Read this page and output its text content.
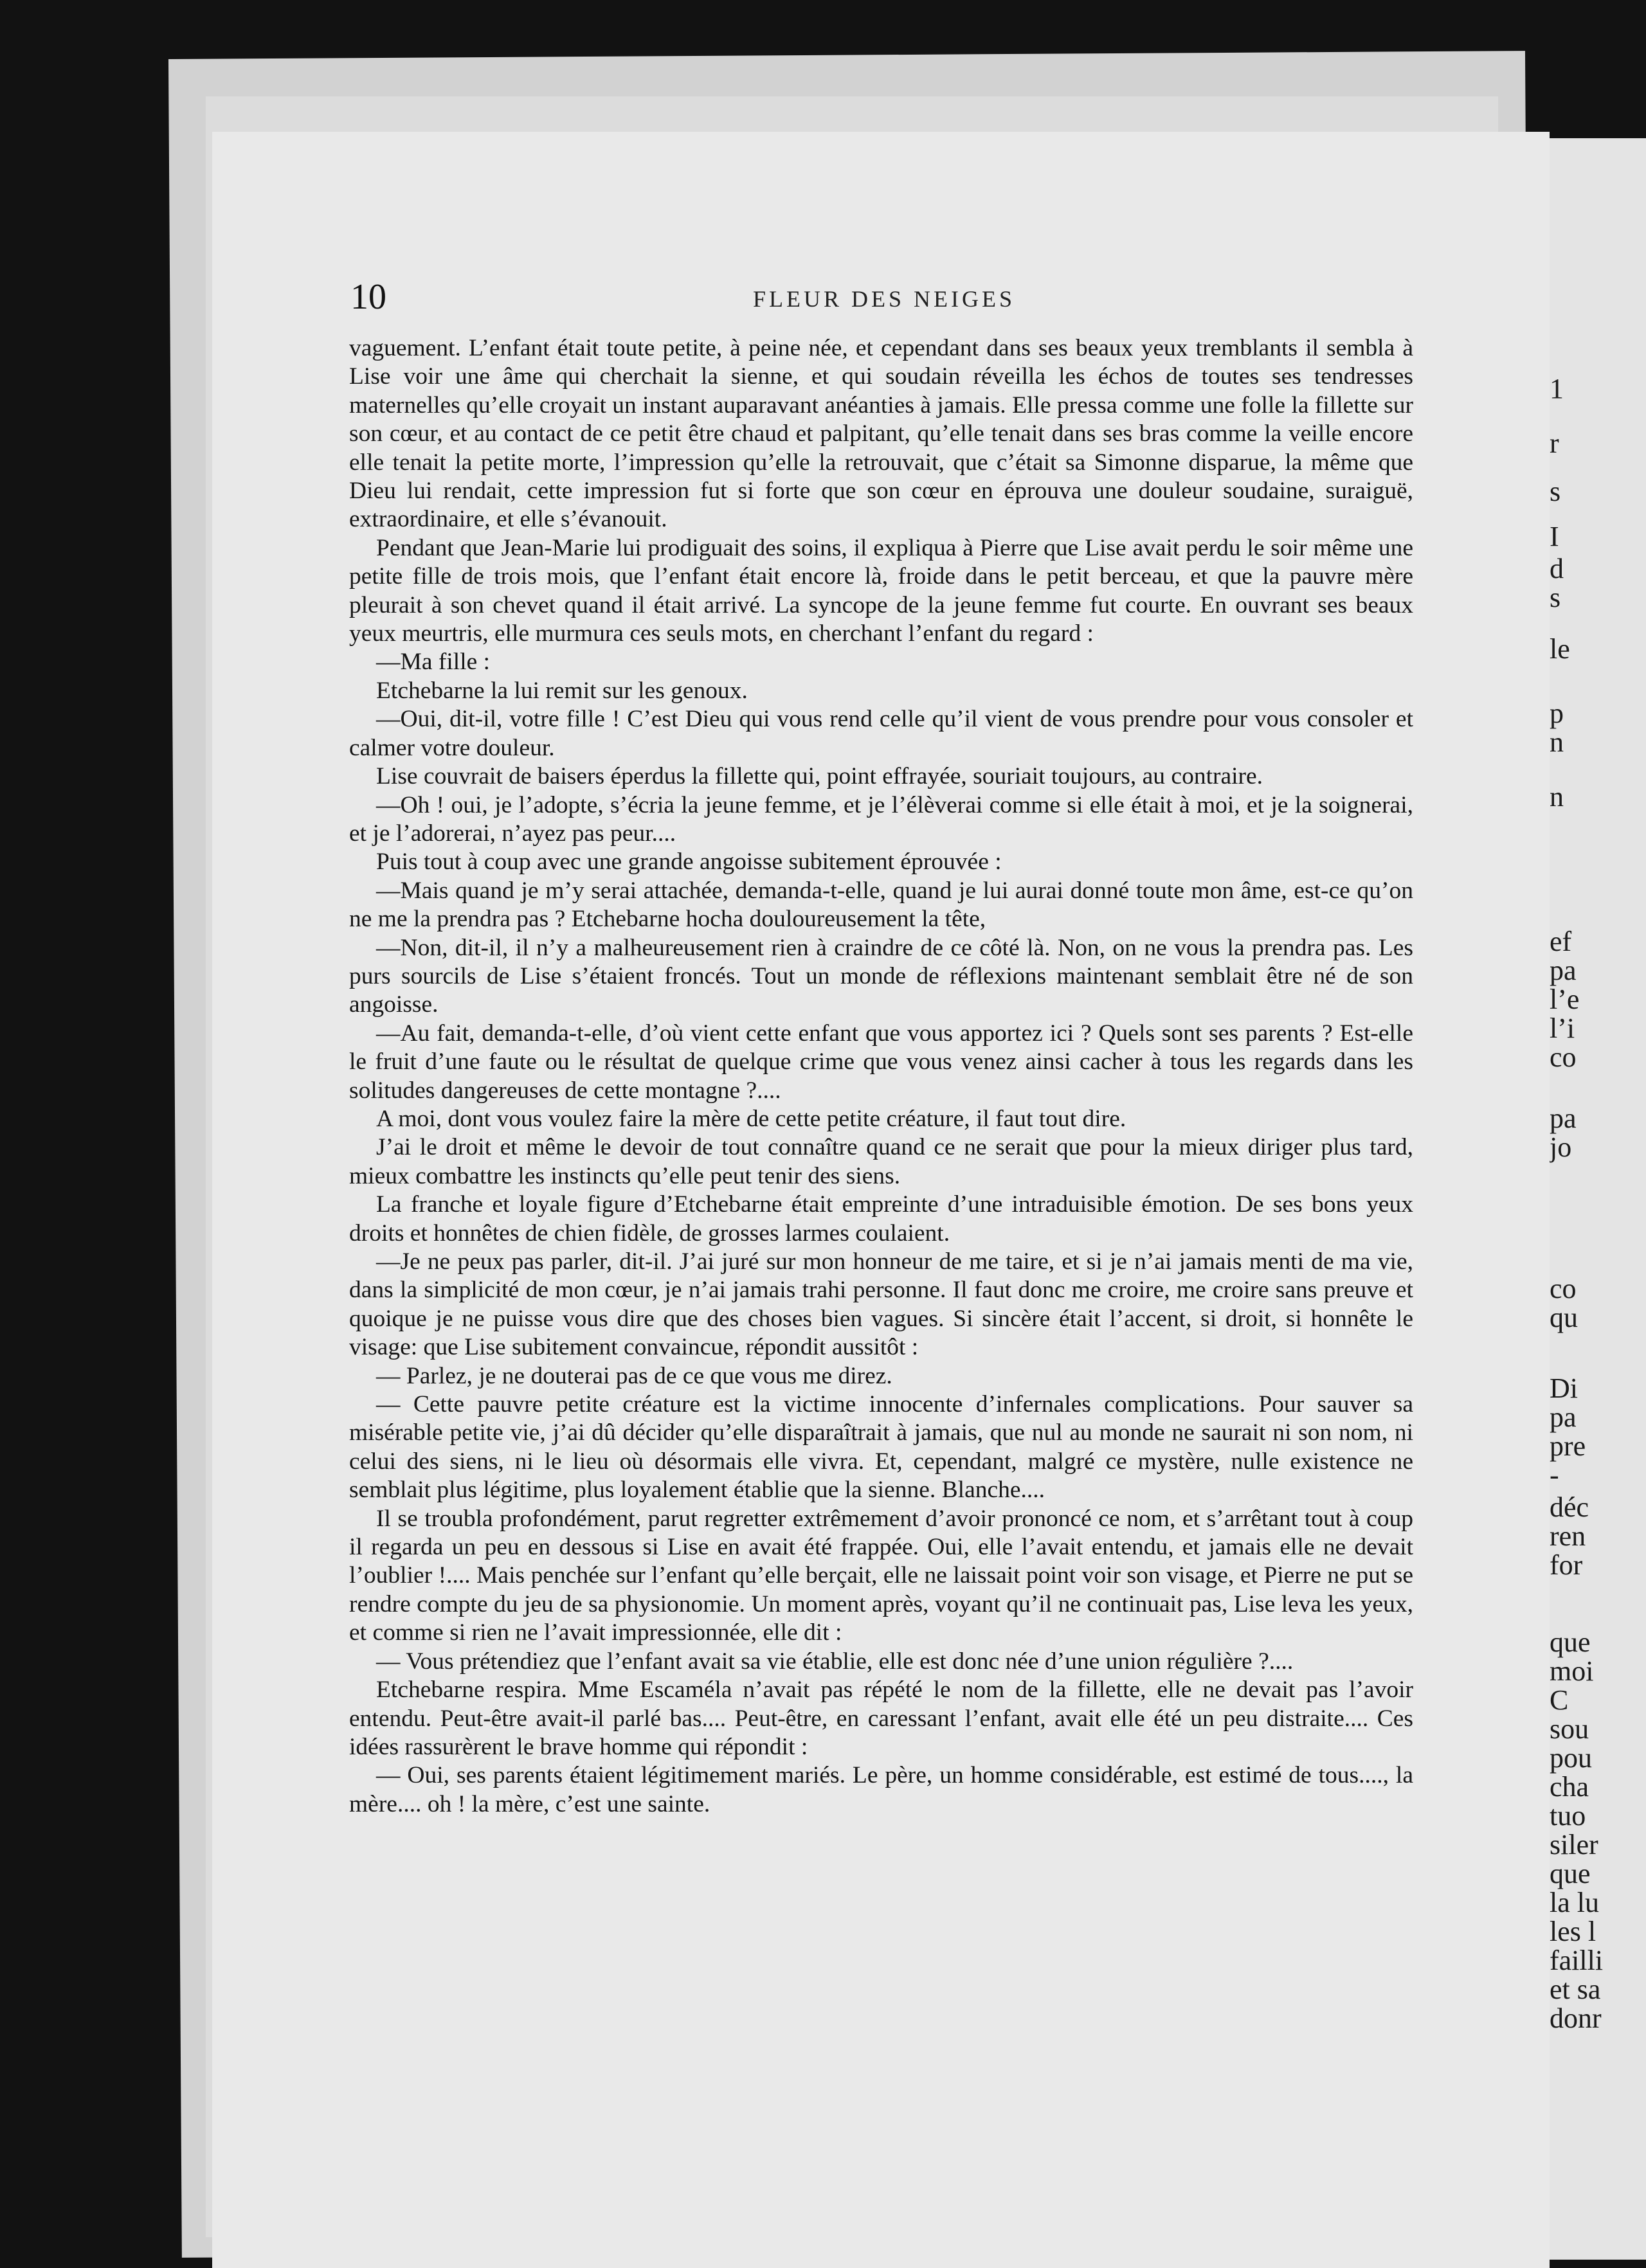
1
r
s
I
d
s
le
p
n
n
ef
pa
l’e
l’i
co
pa
jo
co
qu
Di
pa
pre
-
déc
ren
for
que
moi
C
sou
pou
cha
tuo
siler
que
la lu
les l
failli
et sa
donr
10	FLEUR DES NEIGES

vaguement. L’enfant était toute petite, à peine née, et cependant dans ses beaux yeux tremblants il sembla à Lise voir une âme qui cherchait la sienne, et qui soudain réveilla les échos de toutes ses tendresses maternelles qu’elle croyait un instant auparavant anéanties à jamais. Elle pressa comme une folle la fillette sur son cœur, et au contact de ce petit être chaud et palpitant, qu’elle tenait dans ses bras comme la veille encore elle tenait la petite morte, l’impression qu’elle la retrouvait, que c’était sa Simonne disparue, la même que Dieu lui rendait, cette impression fut si forte que son cœur en éprouva une douleur soudaine, suraiguë, extraordinaire, et elle s’évanouit.

Pendant que Jean-Marie lui prodiguait des soins, il expliqua à Pierre que Lise avait perdu le soir même une petite fille de trois mois, que l’enfant était encore là, froide dans le petit berceau, et que la pauvre mère pleurait à son chevet quand il était arrivé. La syncope de la jeune femme fut courte. En ouvrant ses beaux yeux meurtris, elle murmura ces seuls mots, en cherchant l’enfant du regard :

—Ma fille :

Etchebarne la lui remit sur les genoux.

—Oui, dit-il, votre fille ! C’est Dieu qui vous rend celle qu’il vient de vous prendre pour vous consoler et calmer votre douleur.

Lise couvrait de baisers éperdus la fillette qui, point effrayée, souriait toujours, au contraire.

—Oh ! oui, je l’adopte, s’écria la jeune femme, et je l’élèverai comme si elle était à moi, et je la soignerai, et je l’adorerai, n’ayez pas peur....

Puis tout à coup avec une grande angoisse subitement éprouvée :

—Mais quand je m’y serai attachée, demanda-t-elle, quand je lui aurai donné toute mon âme, est-ce qu’on ne me la prendra pas ? Etchebarne hocha douloureusement la tête,

—Non, dit-il, il n’y a malheureusement rien à craindre de ce côté là. Non, on ne vous la prendra pas. Les purs sourcils de Lise s’étaient froncés. Tout un monde de réflexions maintenant semblait être né de son angoisse.

—Au fait, demanda-t-elle, d’où vient cette enfant que vous apportez ici ? Quels sont ses parents ? Est-elle le fruit d’une faute ou le résultat de quelque crime que vous venez ainsi cacher à tous les regards dans les solitudes dangereuses de cette montagne ?....

A moi, dont vous voulez faire la mère de cette petite créature, il faut tout dire.

J’ai le droit et même le devoir de tout connaître quand ce ne serait que pour la mieux diriger plus tard, mieux combattre les instincts qu’elle peut tenir des siens.

La franche et loyale figure d’Etchebarne était empreinte d’une intraduisible émotion. De ses bons yeux droits et honnêtes de chien fidèle, de grosses larmes coulaient.

—Je ne peux pas parler, dit-il. J’ai juré sur mon honneur de me taire, et si je n’ai jamais menti de ma vie, dans la simplicité de mon cœur, je n’ai jamais trahi personne. Il faut donc me croire, me croire sans preuve et quoique je ne puisse vous dire que des choses bien vagues. Si sincère était l’accent, si droit, si honnête le visage: que Lise subitement convaincue, répondit aussitôt :

— Parlez, je ne douterai pas de ce que vous me direz.

— Cette pauvre petite créature est la victime innocente d’infernales complications. Pour sauver sa misérable petite vie, j’ai dû décider qu’elle disparaîtrait à jamais, que nul au monde ne saurait ni son nom, ni celui des siens, ni le lieu où désormais elle vivra. Et, cependant, malgré ce mystère, nulle existence ne semblait plus légitime, plus loyalement établie que la sienne. Blanche....

Il se troubla profondément, parut regretter extrêmement d’avoir prononcé ce nom, et s’arrêtant tout à coup il regarda un peu en dessous si Lise en avait été frappée. Oui, elle l’avait entendu, et jamais elle ne devait l’oublier !.... Mais penchée sur l’enfant qu’elle berçait, elle ne laissait point voir son visage, et Pierre ne put se rendre compte du jeu de sa physionomie. Un moment après, voyant qu’il ne continuait pas, Lise leva les yeux, et comme si rien ne l’avait impressionnée, elle dit :

— Vous prétendiez que l’enfant avait sa vie établie, elle est donc née d’une union régulière ?....

Etchebarne respira. Mme Escaméla n’avait pas répété le nom de la fillette, elle ne devait pas l’avoir entendu. Peut-être avait-il parlé bas.... Peut-être, en caressant l’enfant, avait elle été un peu distraite.... Ces idées rassurèrent le brave homme qui répondit :

— Oui, ses parents étaient légitimement mariés. Le père, un homme considérable, est estimé de tous...., la mère.... oh ! la mère, c’est une sainte.
